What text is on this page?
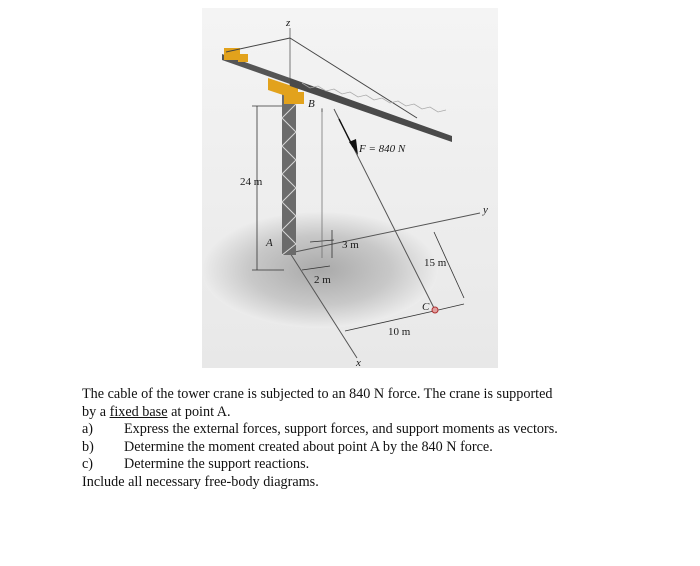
z
y
x
24 m
B
F = 840 N
C
A	3 m
2 m
15 m
10 m

The cable of the tower crane is subjected to an 840 N force. The crane is supported

by a fixed base at point A.

a)	Express the external forces, support forces, and support moments as vectors.
b)	Determine the moment created about point A by the 840 N force.
c)	Determine the support reactions.

Include all necessary free-body diagrams.
